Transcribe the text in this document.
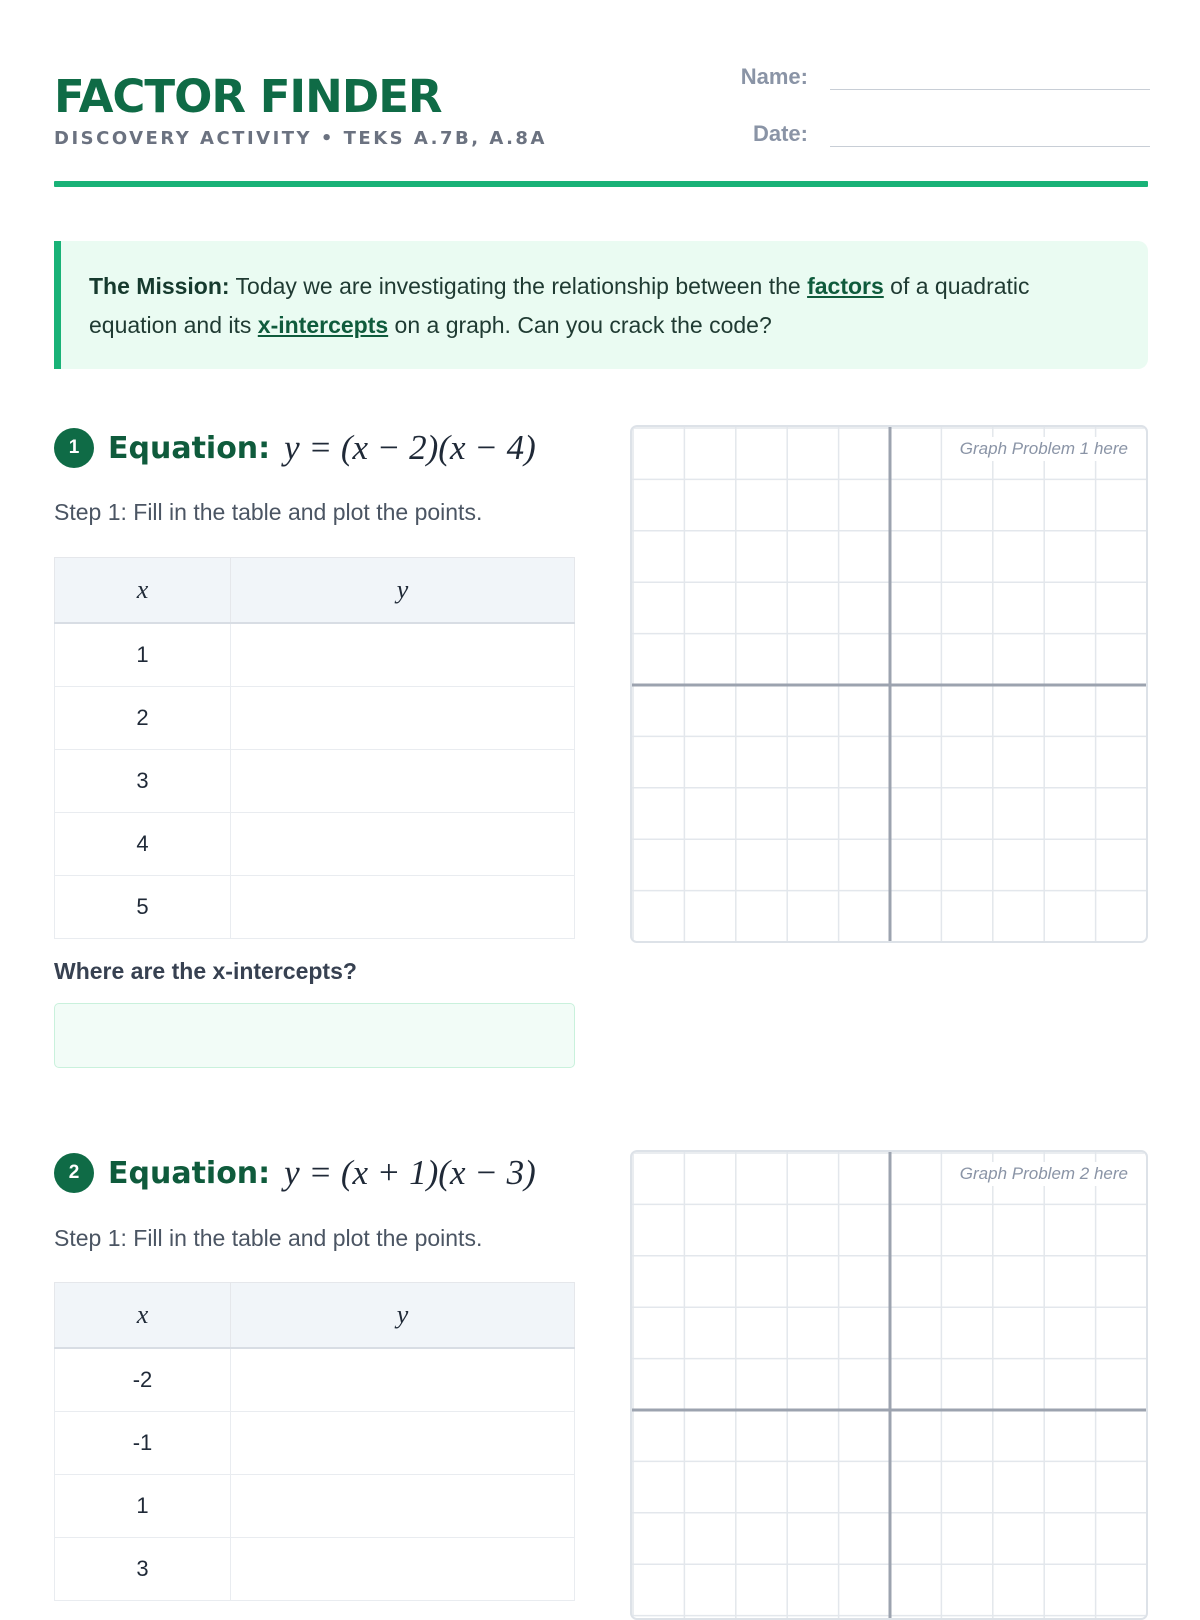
FACTOR FINDER
DISCOVERY ACTIVITY • TEKS A.7B, A.8A
Name:
Date:
The Mission: Today we are investigating the relationship between the factors of a quadratic equation and its x-intercepts on a graph. Can you crack the code?
1 Equation: y = (x − 2)(x − 4)
Step 1: Fill in the table and plot the points.
x	y
1	
2	
3	
4	
5	
Where are the x-intercepts?
Graph Problem 1 here
2 Equation: y = (x + 1)(x − 3)
Step 1: Fill in the table and plot the points.
x	y
-2	
-1	
1	
3	
Graph Problem 2 here
